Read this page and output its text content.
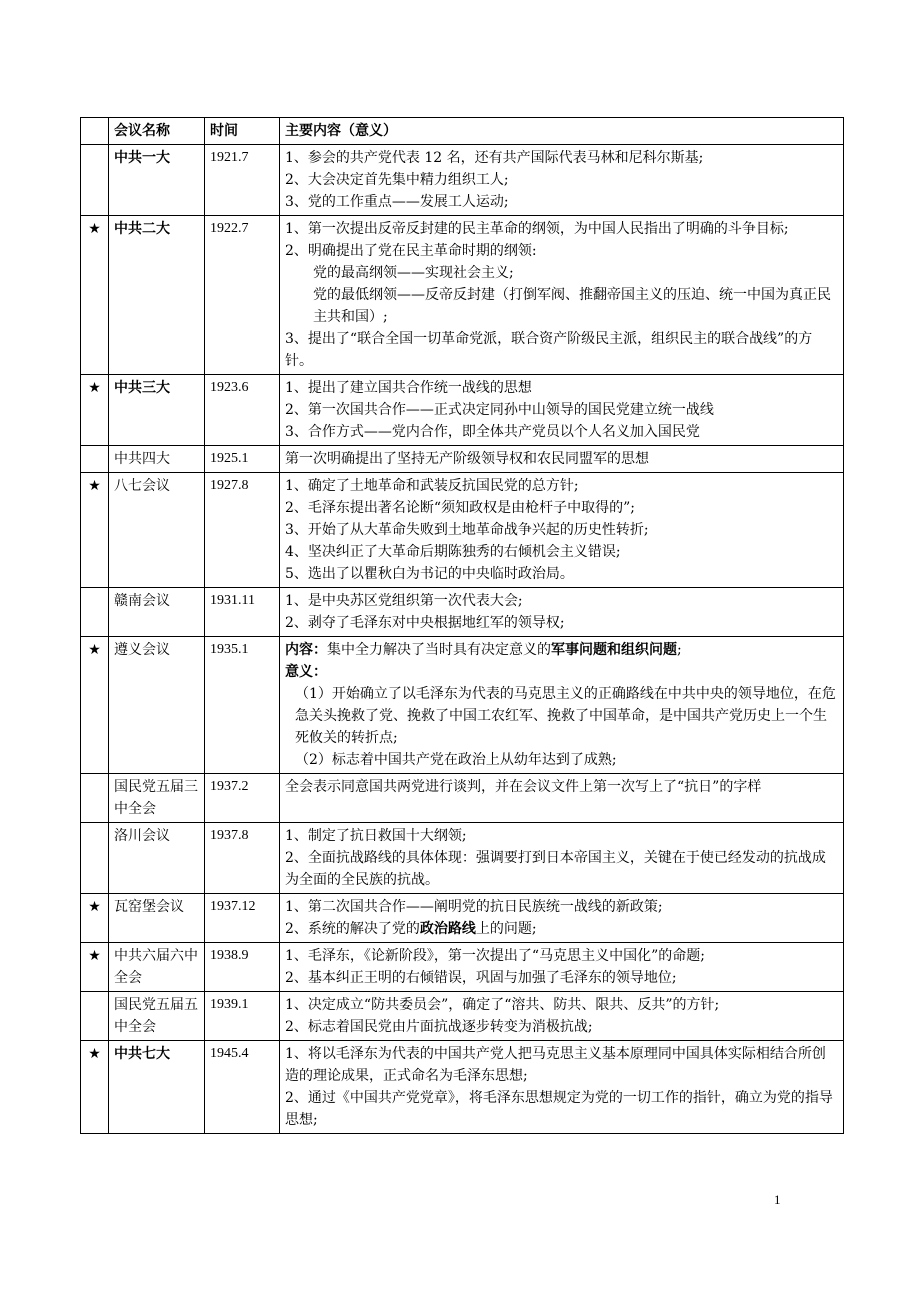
	会议名称	时间	主要内容（意义）
	中共一大	1921.7	1、参会的共产党代表 12 名，还有共产国际代表马林和尼科尔斯基;
2、大会决定首先集中精力组织工人;
3、党的工作重点——发展工人运动;

★	中共二大	1922.7	1、第一次提出反帝反封建的民主革命的纲领，为中国人民指出了明确的斗争目标;
2、明确提出了党在民主革命时期的纲领:
党的最高纲领——实现社会主义;
党的最低纲领——反帝反封建（打倒军阀、推翻帝国主义的压迫、统一中国为真正民主共和国）;
3、提出了“联合全国一切革命党派，联合资产阶级民主派，组织民主的联合战线”的方针。

★	中共三大	1923.6	1、提出了建立国共合作统一战线的思想
2、第一次国共合作——正式决定同孙中山领导的国民党建立统一战线
3、合作方式——党内合作，即全体共产党员以个人名义加入国民党

	中共四大	1925.1	第一次明确提出了坚持无产阶级领导权和农民同盟军的思想

★	八七会议	1927.8	1、确定了土地革命和武装反抗国民党的总方针;
2、毛泽东提出著名论断“须知政权是由枪杆子中取得的”;
3、开始了从大革命失败到土地革命战争兴起的历史性转折;
4、坚决纠正了大革命后期陈独秀的右倾机会主义错误;
5、选出了以瞿秋白为书记的中央临时政治局。

	赣南会议	1931.11	1、是中央苏区党组织第一次代表大会;
2、剥夺了毛泽东对中央根据地红军的领导权;

★	遵义会议	1935.1	内容：集中全力解决了当时具有决定意义的军事问题和组织问题;
意义：
（1）开始确立了以毛泽东为代表的马克思主义的正确路线在中共中央的领导地位，在危急关头挽救了党、挽救了中国工农红军、挽救了中国革命，是中国共产党历史上一个生死攸关的转折点;
（2）标志着中国共产党在政治上从幼年达到了成熟;

	国民党五届三中全会	1937.2	全会表示同意国共两党进行谈判，并在会议文件上第一次写上了“抗日”的字样

	洛川会议	1937.8	1、制定了抗日救国十大纲领;
2、全面抗战路线的具体体现：强调要打到日本帝国主义，关键在于使已经发动的抗战成为全面的全民族的抗战。

★	瓦窑堡会议	1937.12	1、第二次国共合作——阐明党的抗日民族统一战线的新政策;
2、系统的解决了党的政治路线上的问题;

★	中共六届六中全会	1938.9	1、毛泽东，《论新阶段》，第一次提出了“马克思主义中国化”的命题;
2、基本纠正王明的右倾错误，巩固与加强了毛泽东的领导地位;

	国民党五届五中全会	1939.1	1、决定成立“防共委员会”，确定了“溶共、防共、限共、反共”的方针;
2、标志着国民党由片面抗战逐步转变为消极抗战;

★	中共七大	1945.4	1、将以毛泽东为代表的中国共产党人把马克思主义基本原理同中国具体实际相结合所创造的理论成果，正式命名为毛泽东思想;
2、通过《中国共产党党章》，将毛泽东思想规定为党的一切工作的指针，确立为党的指导思想;
1
